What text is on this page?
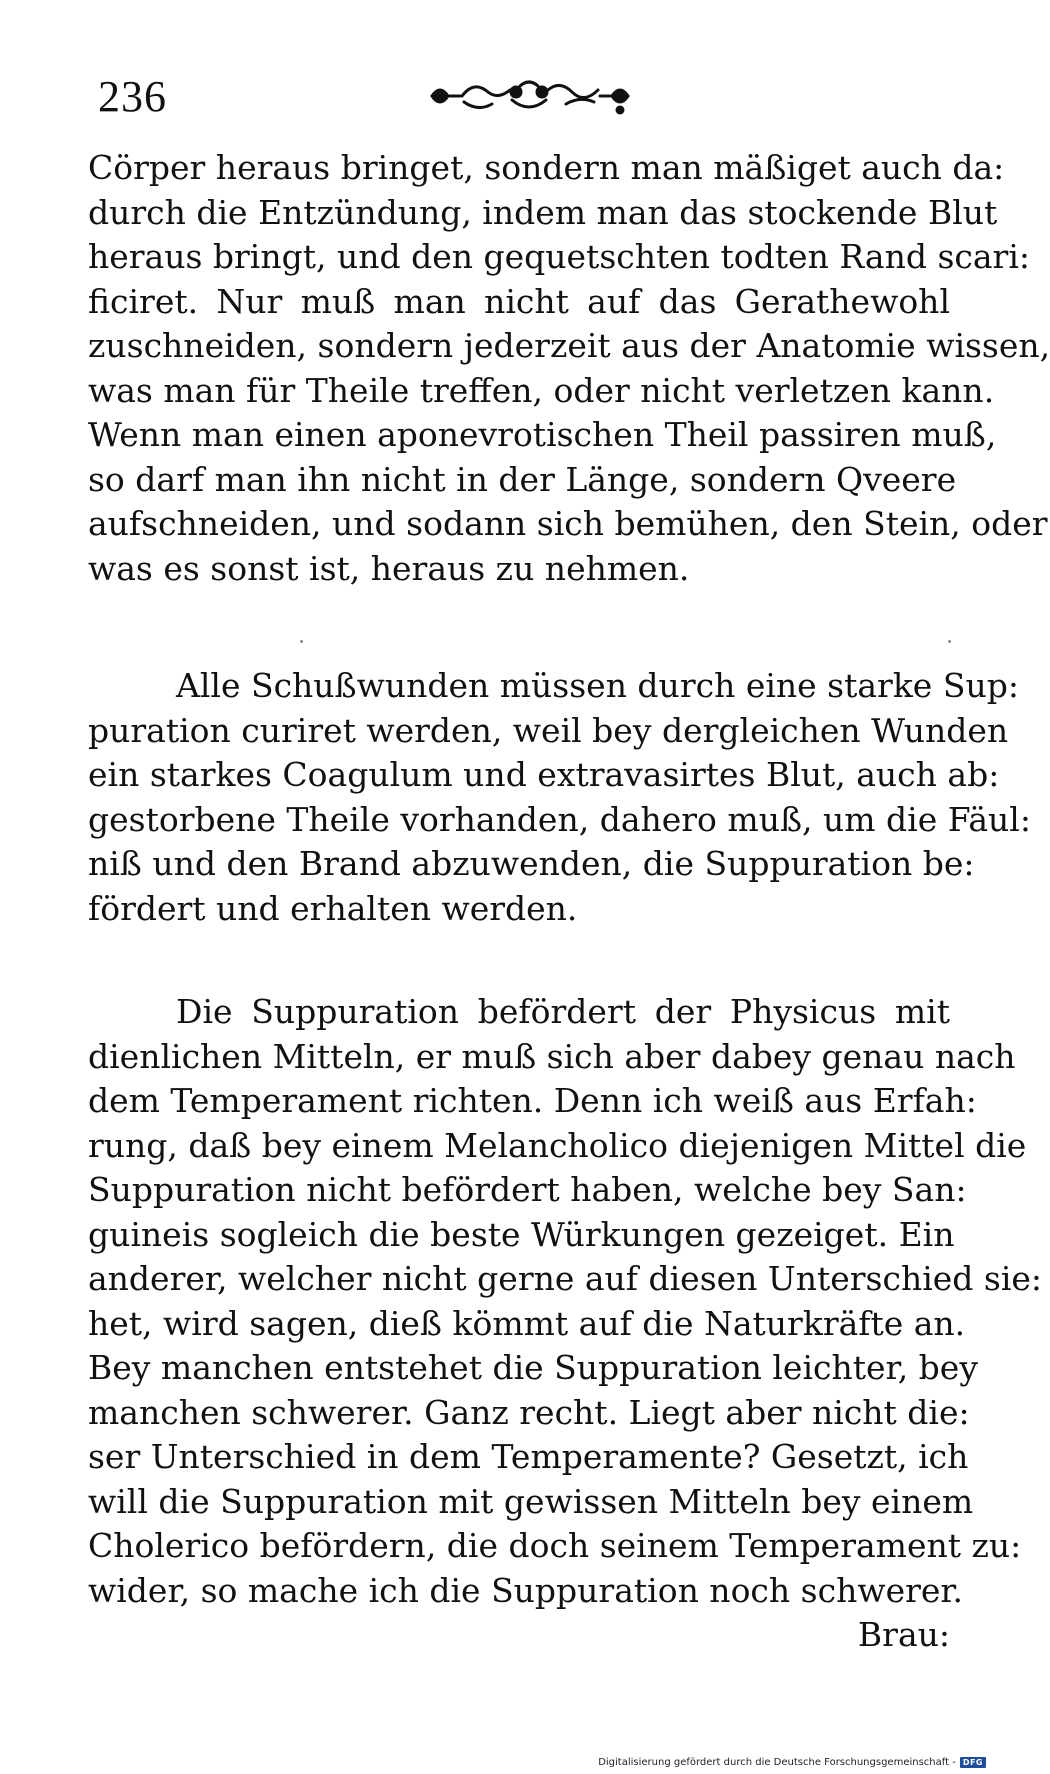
236
Cörper heraus bringet, sondern man mäßiget auch da:
durch die Entzündung, indem man das stockende Blut
heraus bringt, und den gequetschten todten Rand scari:
ficiret. Nur muß man nicht auf das Gerathewohl
zuschneiden, sondern jederzeit aus der Anatomie wissen,
was man für Theile treffen, oder nicht verletzen kann.
Wenn man einen aponevrotischen Theil passiren muß,
so darf man ihn nicht in der Länge, sondern Qveere
aufschneiden, und sodann sich bemühen, den Stein, oder
was es sonst ist, heraus zu nehmen.
Alle Schußwunden müssen durch eine starke Sup:
puration curiret werden, weil bey dergleichen Wunden
ein starkes Coagulum und extravasirtes Blut, auch ab:
gestorbene Theile vorhanden, dahero muß, um die Fäul:
niß und den Brand abzuwenden, die Suppuration be:
fördert und erhalten werden.
Die Suppuration befördert der Physicus mit
dienlichen Mitteln, er muß sich aber dabey genau nach
dem Temperament richten. Denn ich weiß aus Erfah:
rung, daß bey einem Melancholico diejenigen Mittel die
Suppuration nicht befördert haben, welche bey San:
guineis sogleich die beste Würkungen gezeiget. Ein
anderer, welcher nicht gerne auf diesen Unterschied sie:
het, wird sagen, dieß kömmt auf die Naturkräfte an.
Bey manchen entstehet die Suppuration leichter, bey
manchen schwerer. Ganz recht. Liegt aber nicht die:
ser Unterschied in dem Temperamente? Gesetzt, ich
will die Suppuration mit gewissen Mitteln bey einem
Cholerico befördern, die doch seinem Temperament zu:
wider, so mache ich die Suppuration noch schwerer.
Brau:
Digitalisierung gefördert durch die Deutsche Forschungsgemeinschaft - DFG
